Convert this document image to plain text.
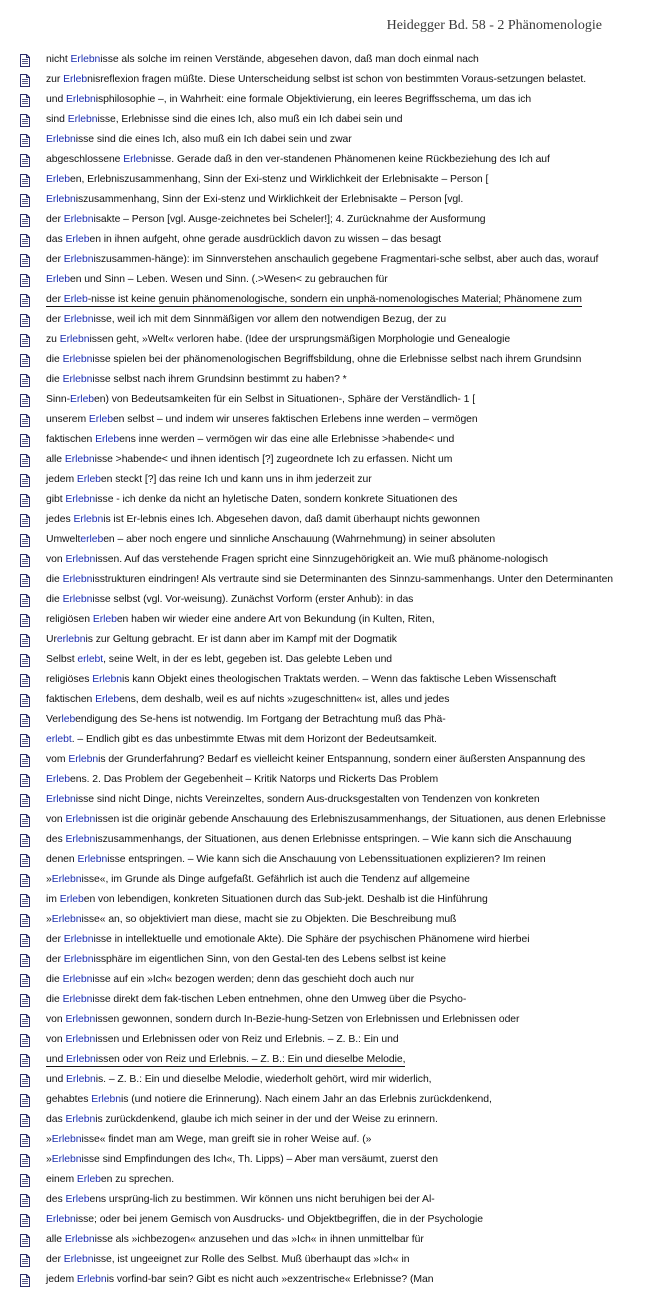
Heidegger Bd. 58 - 2 Phänomenologie
nicht Erlebnisse als solche im reinen Verstände, abgesehen davon, daß man doch einmal nach
zur Erlebnisreflexion fragen müßte. Diese Unterscheidung selbst ist schon von bestimmten Voraus-setzungen belastet.
und Erlebnisphilosophie –, in Wahrheit: eine formale Objektivierung, ein leeres Begriffsschema, um das ich
sind Erlebnisse, Erlebnisse sind die eines Ich, also muß ein Ich dabei sein und
Erlebnisse sind die eines Ich, also muß ein Ich dabei sein und zwar
abgeschlossene Erlebnisse. Gerade daß in den ver-standenen Phänomenen keine Rückbeziehung des Ich auf
Erleben, Erlebniszusammenhang, Sinn der Exi-stenz und Wirklichkeit der Erlebnisakte – Person [
Erlebniszusammenhang, Sinn der Exi-stenz und Wirklichkeit der Erlebnisakte – Person [vgl.
der Erlebnisakte – Person [vgl. Ausge-zeichnetes bei Scheler!]; 4. Zurücknahme der Ausformung
das Erleben in ihnen aufgeht, ohne gerade ausdrücklich davon zu wissen – das besagt
der Erlebniszusammen-hänge): im Sinnverstehen anschaulich gegebene Fragmentari-sche selbst, aber auch das, worauf
Erleben und Sinn – Leben. Wesen und Sinn. (.>Wesen< zu gebrauchen für
der Erleb-nisse ist keine genuin phänomenologische, sondern ein unphä-nomenologisches Material; Phänomene zum
der Erlebnisse, weil ich mit dem Sinnmäßigen vor allem den notwendigen Bezug, der zu
zu Erlebnissen geht, »Welt« verloren habe. (Idee der ursprungsmäßigen Morphologie und Genealogie
die Erlebnisse spielen bei der phänomenologischen Begriffsbildung, ohne die Erlebnisse selbst nach ihrem Grundsinn
die Erlebnisse selbst nach ihrem Grundsinn bestimmt zu haben? *
Sinn-Erleben) von Bedeutsamkeiten für ein Selbst in Situationen-, Sphäre der Verständlich- 1 [
unserem Erleben selbst – und indem wir unseres faktischen Erlebens inne werden – vermögen
faktischen Erlebens inne werden – vermögen wir das eine alle Erlebnisse >habende< und
alle Erlebnisse >habende< und ihnen identisch [?] zugeordnete Ich zu erfassen. Nicht um
jedem Erleben steckt [?] das reine Ich und kann uns in ihm jederzeit zur
gibt Erlebnisse - ich denke da nicht an hyletische Daten, sondern konkrete Situationen des
jedes Erlebnis ist Er-lebnis eines Ich. Abgesehen davon, daß damit überhaupt nichts gewonnen
Umwelterleben – aber noch engere und sinnliche Anschauung (Wahrnehmung) in seiner absoluten
von Erlebnissen. Auf das verstehende Fragen spricht eine Sinnzugehörigkeit an. Wie muß phänome-nologisch
die Erlebnisstrukturen eindringen! Als vertraute sind sie Determinanten des Sinnzu-sammenhangs. Unter den Determinanten
die Erlebnisse selbst (vgl. Vor-weisung). Zunächst Vorform (erster Anhub): in das
religiösen Erleben haben wir wieder eine andere Art von Bekundung (in Kulten, Riten,
Urerlebnis zur Geltung gebracht. Er ist dann aber im Kampf mit der Dogmatik
Selbst erlebt, seine Welt, in der es lebt, gegeben ist. Das gelebte Leben und
religiöses Erlebnis kann Objekt eines theologischen Traktats werden. – Wenn das faktische Leben Wissenschaft
faktischen Erlebens, dem deshalb, weil es auf nichts »zugeschnitten« ist, alles und jedes
Verlebendigung des Se-hens ist notwendig. Im Fortgang der Betrachtung muß das Phä-
erlebt. – Endlich gibt es das unbestimmte Etwas mit dem Horizont der Bedeutsamkeit.
vom Erlebnis der Grunderfahrung? Bedarf es vielleicht keiner Entspannung, sondern einer äußersten Anspannung des
Erlebens. 2. Das Problem der Gegebenheit – Kritik Natorps und Rickerts Das Problem
Erlebnisse sind nicht Dinge, nichts Vereinzeltes, sondern Aus-drucksgestalten von Tendenzen von konkreten
von Erlebnissen ist die originär gebende Anschauung des Erlebniszusammenhangs, der Situationen, aus denen Erlebnisse
des Erlebniszusammenhangs, der Situationen, aus denen Erlebnisse entspringen. – Wie kann sich die Anschauung
denen Erlebnisse entspringen. – Wie kann sich die Anschauung von Lebenssituationen explizieren? Im reinen
»Erlebnisse«, im Grunde als Dinge aufgefaßt. Gefährlich ist auch die Tendenz auf allgemeine
im Erleben von lebendigen, konkreten Situationen durch das Sub-jekt. Deshalb ist die Hinführung
»Erlebnisse« an, so objektiviert man diese, macht sie zu Objekten. Die Beschreibung muß
der Erlebnisse in intellektuelle und emotionale Akte). Die Sphäre der psychischen Phänomene wird hierbei
der Erlebnissphäre im eigentlichen Sinn, von den Gestal-ten des Lebens selbst ist keine
die Erlebnisse auf ein »Ich« bezogen werden; denn das geschieht doch auch nur
die Erlebnisse direkt dem fak-tischen Leben entnehmen, ohne den Umweg über die Psycho-
von Erlebnissen gewonnen, sondern durch In-Bezie-hung-Setzen von Erlebnissen und Erlebnissen oder
von Erlebnissen und Erlebnissen oder von Reiz und Erlebnis. – Z. B.: Ein und
und Erlebnissen oder von Reiz und Erlebnis. – Z. B.: Ein und dieselbe Melodie,
und Erlebnis. – Z. B.: Ein und dieselbe Melodie, wiederholt gehört, wird mir widerlich,
gehabtes Erlebnis (und notiere die Erinnerung). Nach einem Jahr an das Erlebnis zurückdenkend,
das Erlebnis zurückdenkend, glaube ich mich seiner in der und der Weise zu erinnern.
»Erlebnisse« findet man am Wege, man greift sie in roher Weise auf. (»
»Erlebnisse sind Empfindungen des Ich«, Th. Lipps) – Aber man versäumt, zuerst den
einem Erleben zu sprechen.
des Erlebens ursprüng-lich zu bestimmen. Wir können uns nicht beruhigen bei der Al-
Erlebnisse; oder bei jenem Gemisch von Ausdrucks- und Objektbegriffen, die in der Psychologie
alle Erlebnisse als »ichbezogen« anzusehen und das »Ich« in ihnen unmittelbar für
der Erlebnisse, ist ungeeignet zur Rolle des Selbst. Muß überhaupt das »Ich« in
jedem Erlebnis vorfind-bar sein? Gibt es nicht auch »exzentrische« Erlebnisse? (Man
